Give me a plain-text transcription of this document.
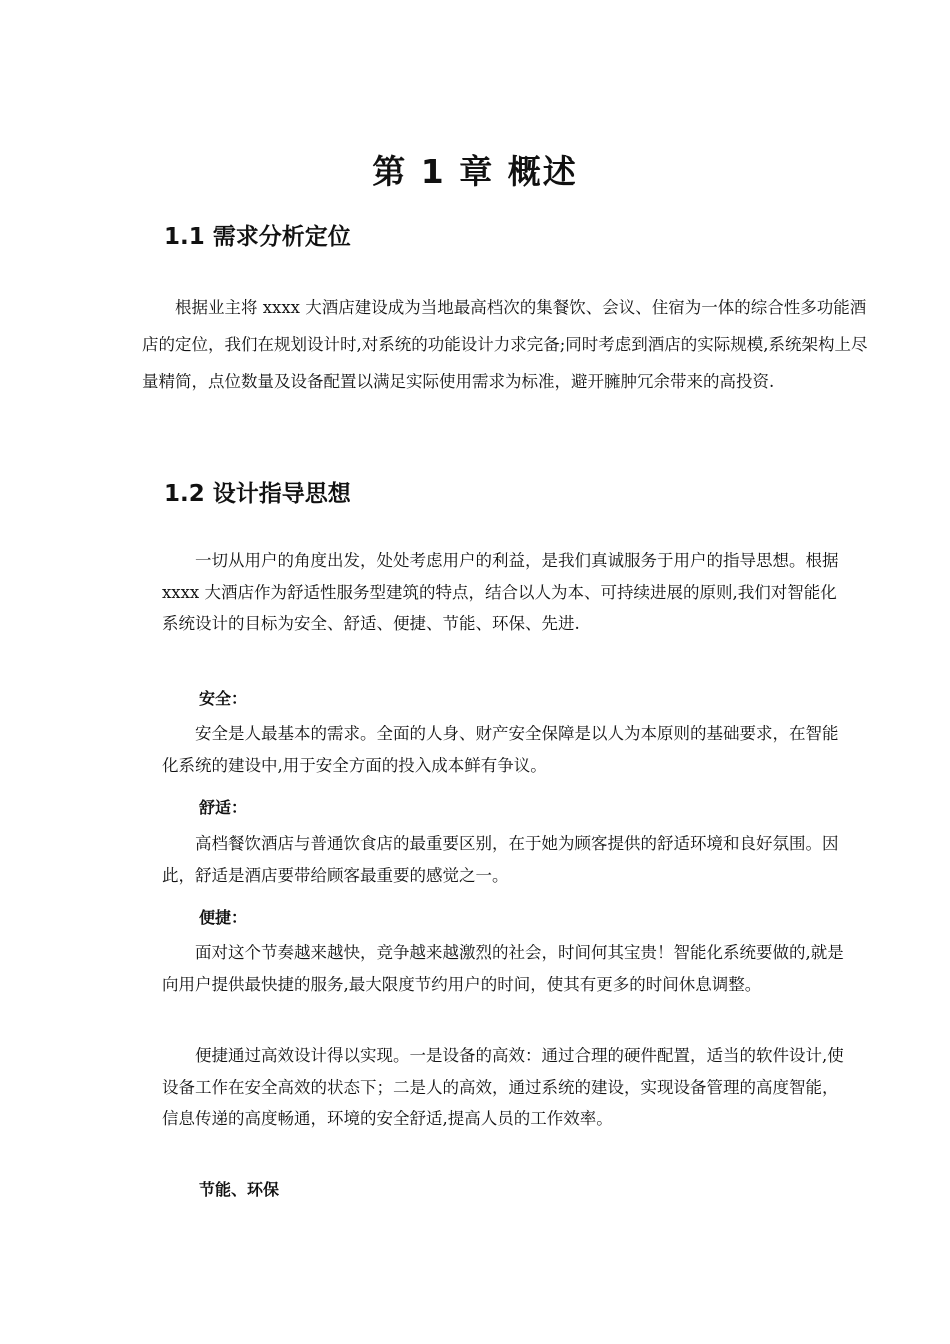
第 1 章 概述
1.1 需求分析定位

根据业主将 xxxx 大酒店建设成为当地最高档次的集餐饮、会议、住宿为一体的综合性多功能酒店的定位，我们在规划设计时,对系统的功能设计力求完备;同时考虑到酒店的实际规模,系统架构上尽量精简，点位数量及设备配置以满足实际使用需求为标准，避开臃肿冗余带来的高投资.

1.2 设计指导思想

一切从用户的角度出发，处处考虑用户的利益，是我们真诚服务于用户的指导思想。根据 xxxx 大酒店作为舒适性服务型建筑的特点，结合以人为本、可持续进展的原则,我们对智能化系统设计的目标为安全、舒适、便捷、节能、环保、先进.

安全：

安全是人最基本的需求。全面的人身、财产安全保障是以人为本原则的基础要求，在智能化系统的建设中,用于安全方面的投入成本鲜有争议。

舒适：

高档餐饮酒店与普通饮食店的最重要区别，在于她为顾客提供的舒适环境和良好氛围。因此，舒适是酒店要带给顾客最重要的感觉之一。

便捷：

面对这个节奏越来越快，竞争越来越激烈的社会，时间何其宝贵！智能化系统要做的,就是向用户提供最快捷的服务,最大限度节约用户的时间，使其有更多的时间休息调整。

便捷通过高效设计得以实现。一是设备的高效：通过合理的硬件配置，适当的软件设计,使设备工作在安全高效的状态下；二是人的高效，通过系统的建设，实现设备管理的高度智能，信息传递的高度畅通，环境的安全舒适,提高人员的工作效率。

节能、环保
